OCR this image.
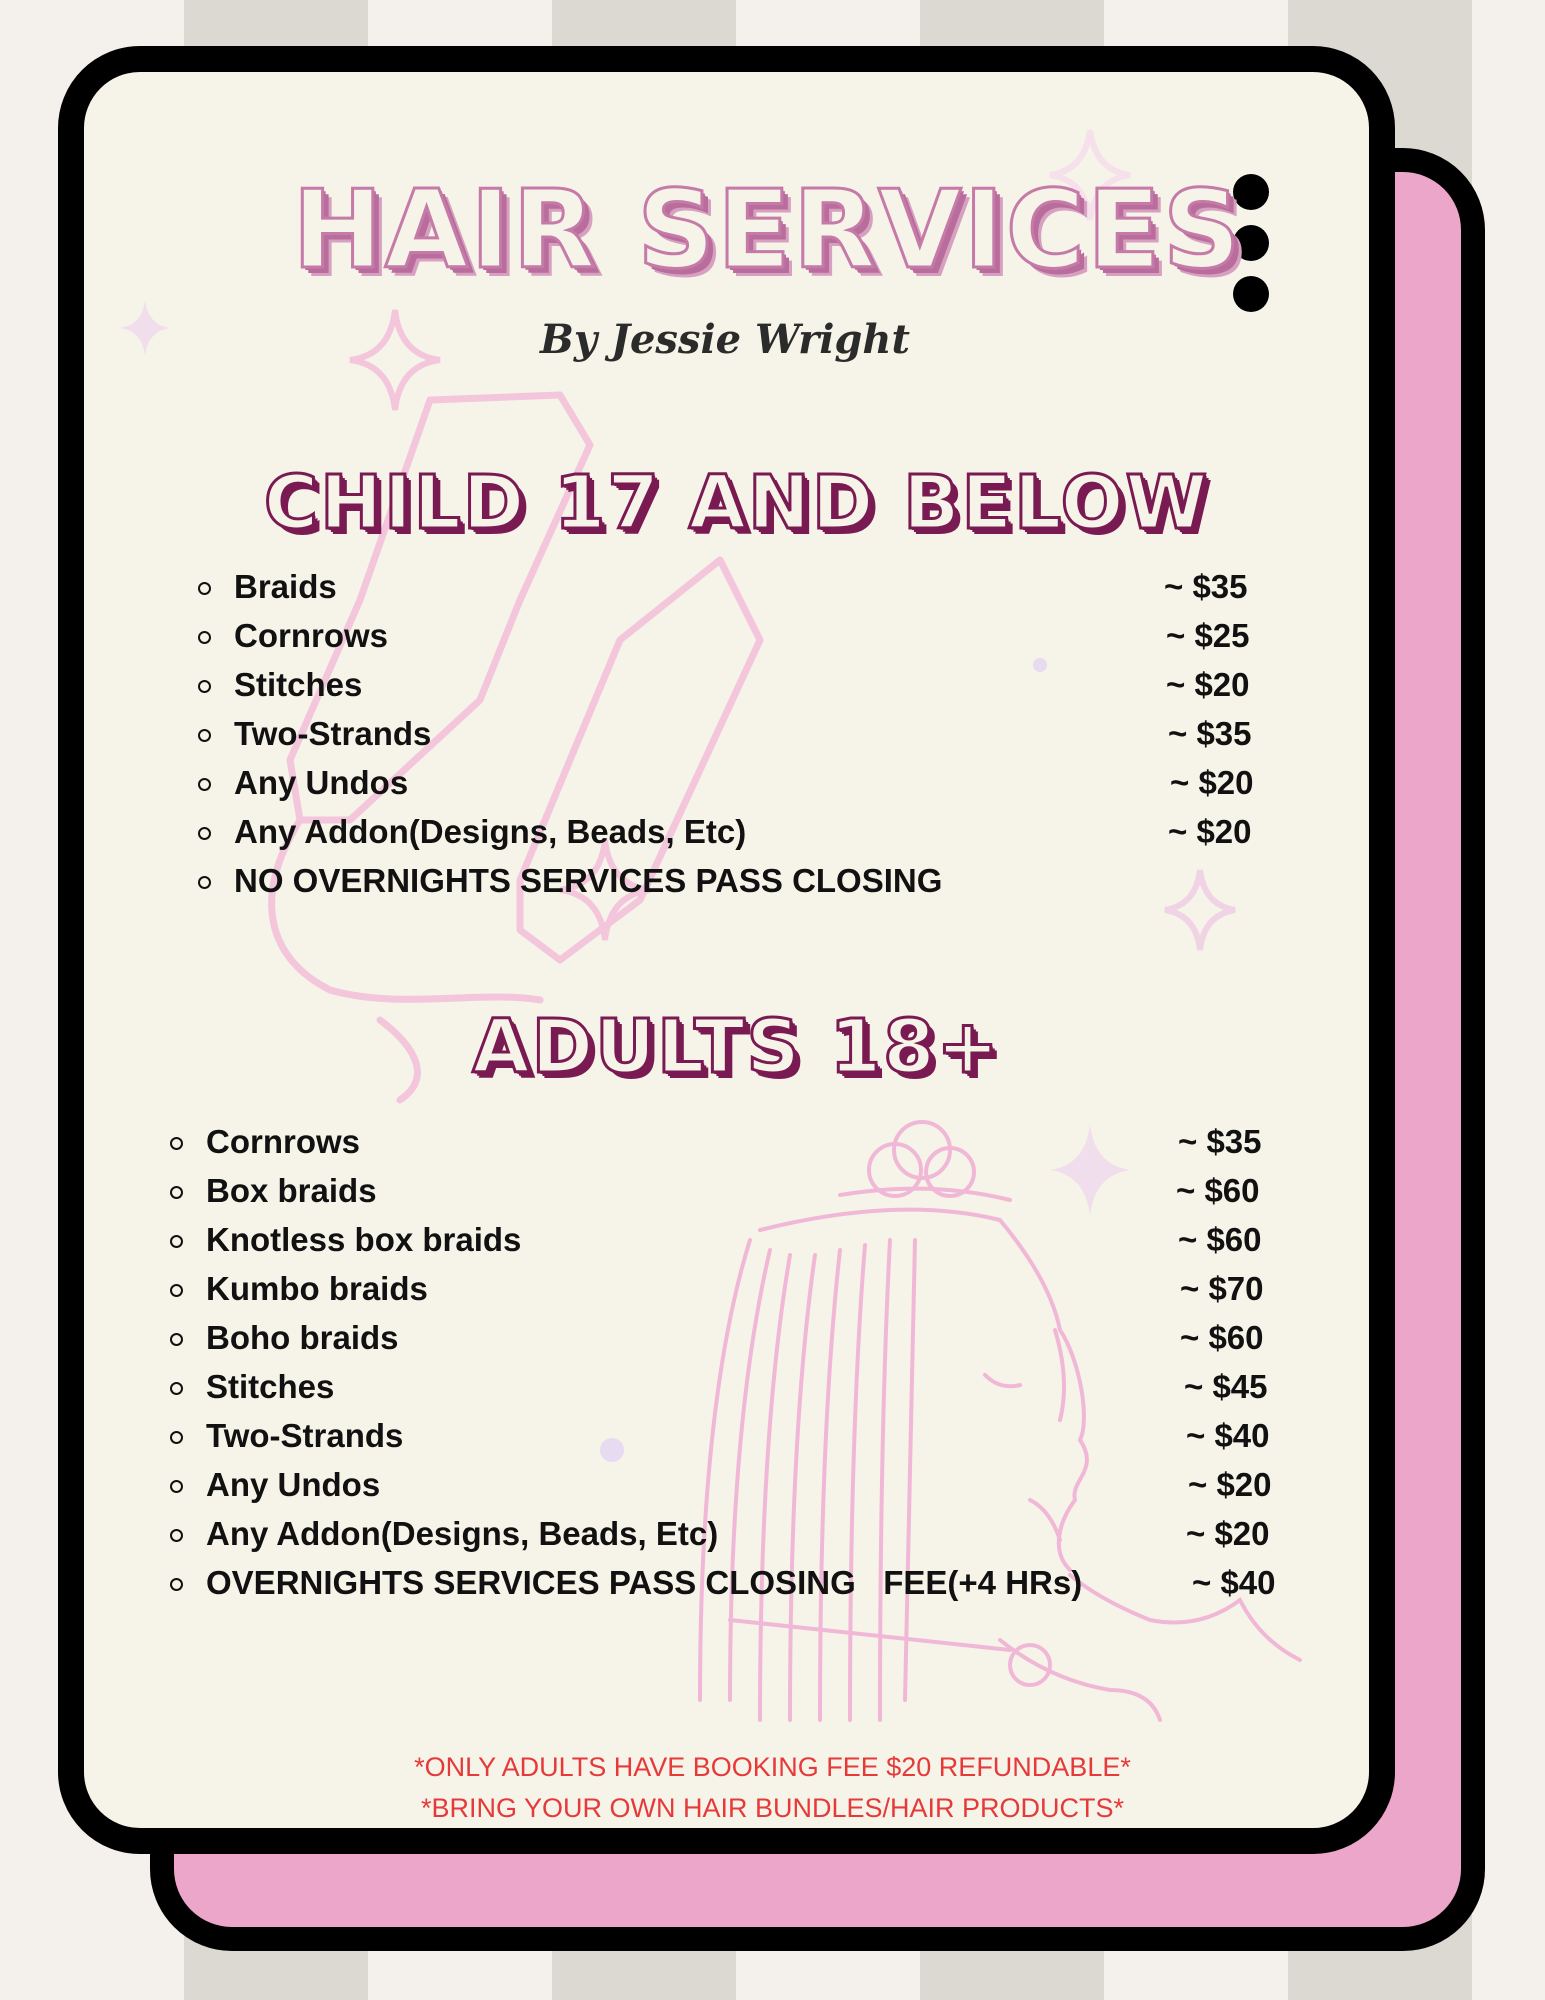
HAIR SERVICES
By Jessie Wright
CHILD 17 AND BELOW
Braids	~ $35
Cornrows	~ $25
Stitches	~ $20
Two-Strands	~ $35
Any Undos	~ $20
Any Addon(Designs, Beads, Etc)	~ $20
NO OVERNIGHTS SERVICES PASS CLOSING
ADULTS 18+
Cornrows	~ $35
Box braids	~ $60
Knotless box braids	~ $60
Kumbo braids	~ $70
Boho braids	~ $60
Stitches	~ $45
Two-Strands	~ $40
Any Undos	~ $20
Any Addon(Designs, Beads, Etc)	~ $20
OVERNIGHTS SERVICES PASS CLOSING   FEE(+4 HRs)	~ $40
*ONLY ADULTS HAVE BOOKING FEE $20 REFUNDABLE*
*BRING YOUR OWN HAIR BUNDLES/HAIR PRODUCTS*
